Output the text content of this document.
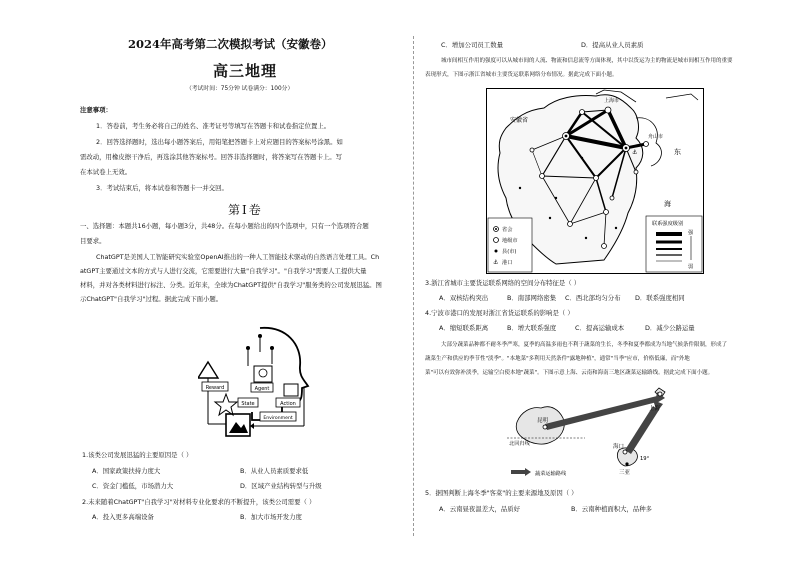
2024年高考第二次模拟考试（安徽卷）
高三地理
（考试时间：75分钟 试卷满分：100分）
注意事项：
1．答卷前，考生务必将自己的姓名、准考证号等填写在答题卡和试卷指定位置上。
2．回答选择题时，选出每小题答案后，用铅笔把答题卡上对应题目的答案标号涂黑。如
需改动，用橡皮擦干净后，再选涂其他答案标号。回答非选择题时，将答案写在答题卡上。写
在本试卷上无效。
3．考试结束后，将本试卷和答题卡一并交回。
第Ⅰ卷
一、选择题：本题共16小题，每小题3分，共48分。在每小题给出的四个选项中，只有一个选项符合题
目要求。
ChatGPT是美国人工智能研究实验室OpenAI推出的一种人工智能技术驱动的自然语言处理工具。Ch
atGPT主要通过文本的方式与人进行交流，它需要进行大量"自我学习"。"自我学习"需要人工提供大量
材料，并对各类材料进行标注、分类。近年来，全球为ChatGPT提供"自我学习"服务类的公司发展迅猛。图
示ChatGPT"自我学习"过程。据此完成下面小题。
Reward	Agent
State	Action
Environment
1.该类公司发展迅猛的主要原因是（ ）
A．国家政策扶持力度大	B．从业人员素质要求低
C．资金门槛低，市场潜力大	D．区域产业结构转型与升级
2.未来随着ChatGPT"自我学习"对材料专业化要求的不断提升，该类公司需要（ ）
A．投入更多高端设备	B．加大市场开发力度
C．增加公司员工数量	D．提高从业人员素质
城市间相互作用的强度可以从城市间的人流、物流和信息流等方面体现，其中以货运为主的物流是城市间相互作用的重要
表现形式，下图示浙江省城市主要货运联系网络分布情况。据此完成下面小题。
安徽省
上海市
舟山市
东
海
省会
地级市
县(市)
⚓ 港口
联系强度级别
强
弱
⚓
3.浙江省城市主要货运联系网络的空间分布特征是（ ）
A．双核结构突出	B．南部网络密集 C．西北部均匀分布 D．联系强度相同
4.宁波市港口的发展对浙江省货运联系的影响是（ ）
A．缩短联系距离	B．增大联系强度	C．提高运输成本	D．减少公路运量
大部分蔬菜品种都不耐冬季严寒，夏季的高温多雨也不利于蔬菜的生长，冬季和夏季都成为当地气候条件限制，形成了
蔬菜生产和供应的季节性"淡季"。"本地菜"多利用天然条件"露地种植"，通常"当季"应市，价格低廉，而"外地
菜"可以有效弥补淡季，运输空白使本地"蔬菜"。下图示意上海、云南和海南三地区蔬菜运输路线。据此完成下面小题。
上海
昆明
北回归线	海口
三亚
19°
蔬菜运输路线
5．据图判断上海冬季"客菜"的主要来源地及原因（ ）
A．云南昼夜温差大，品质好	B．云南种植面积大，品种多
